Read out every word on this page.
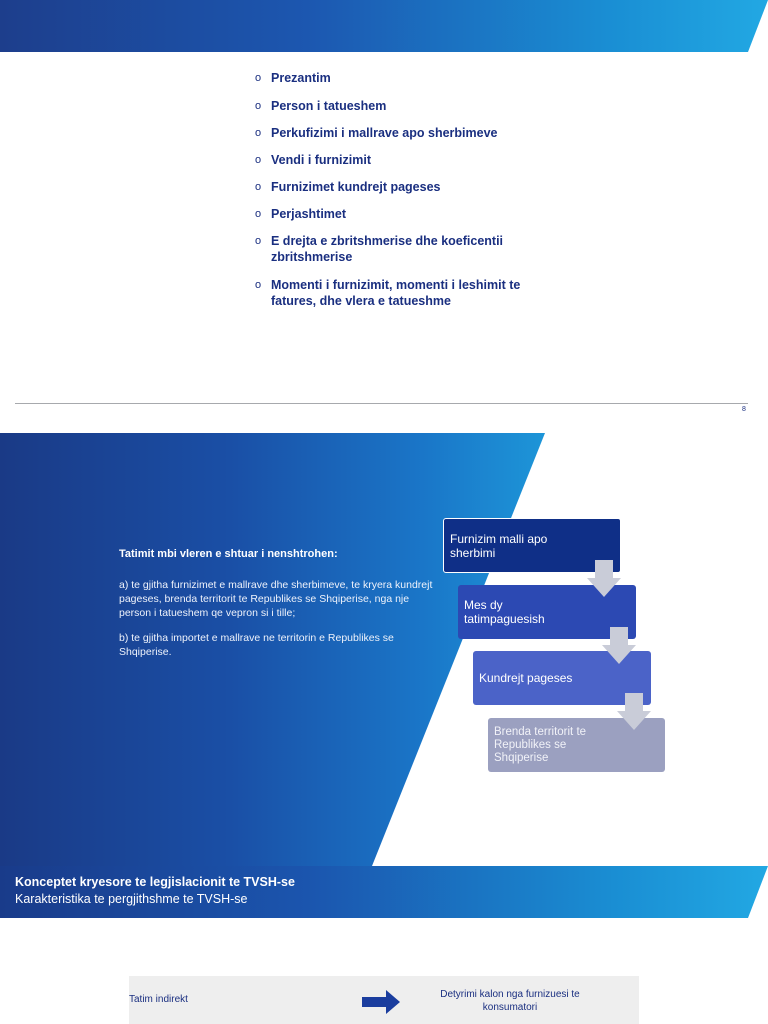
o Prezantim
o Person i tatueshem
o Perkufizimi i mallrave apo sherbimeve
o Vendi i furnizimit
o Furnizimet kundrejt pageses
o Perjashtimet
o E drejta e zbritshmerise dhe koeficentii zbritshmerise
o Momenti i furnizimit, momenti i leshimit te fatures, dhe vlera e tatueshme
8
Tatimit mbi vleren e shtuar i nenshtrohen:

a) te gjitha furnizimet e mallrave dhe sherbimeve, te kryera kundrejt pageses, brenda territorit te Republikes se Shqiperise, nga nje person i tatueshem qe vepron si i tille;

b) te gjitha importet e mallrave ne territorin e Republikes se Shqiperise.

Furnizim malli apo sherbimi
Mes dy tatimpaguesish
Kundrejt pageses
Brenda territorit te Republikes se Shqiperise
Konceptet kryesore te legjislacionit te TVSH-se
Karakteristika te pergjithshme te TVSH-se
Tatim indirekt	Detyrimi kalon nga furnizuesi te konsumatori
